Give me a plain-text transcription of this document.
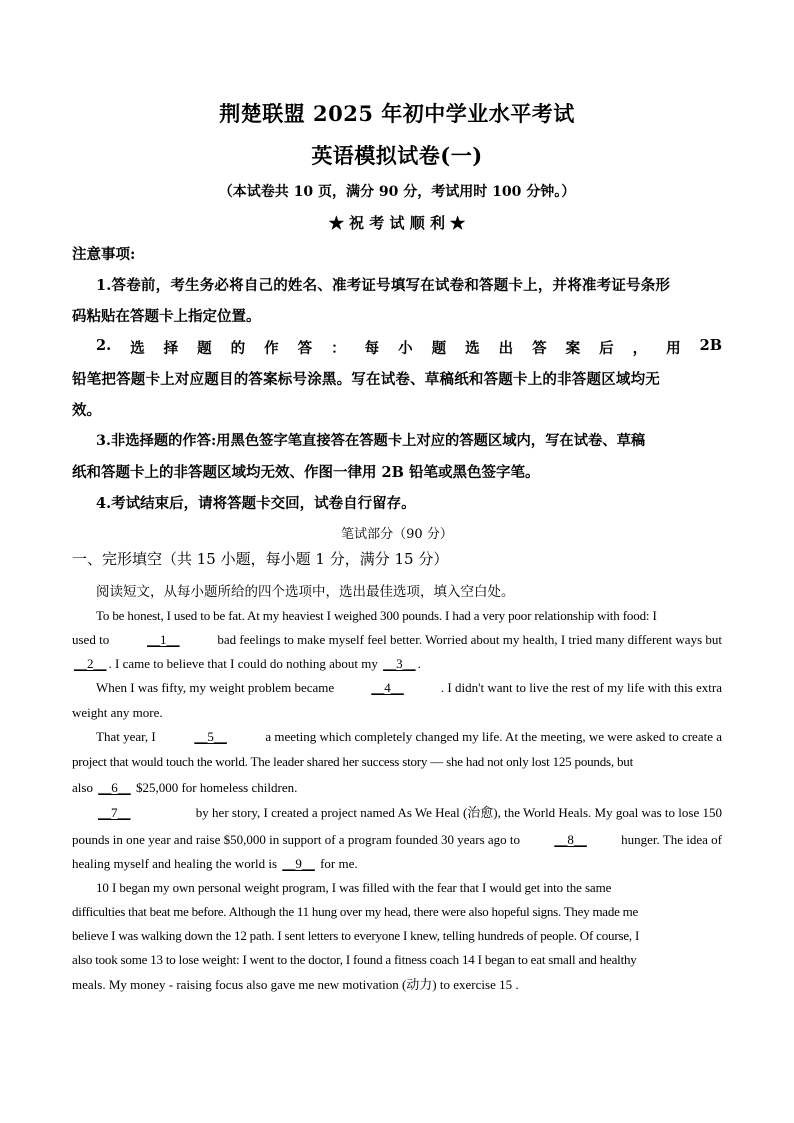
荆楚联盟 2025 年初中学业水平考试
英语模拟试卷(一)
（本试卷共 10 页，满分 90 分，考试用时 100 分钟。）
★ 祝 考 试 顺 利 ★
注意事项:
1.答卷前，考生务必将自己的姓名、准考证号填写在试卷和答题卡上，并将准考证号条形
码粘贴在答题卡上指定位置。
2. 选 择 题 的 作 答 ： 每 小 题 选 出 答 案 后 ， 用 2B
铅笔把答题卡上对应题目的答案标号涂黑。写在试卷、草稿纸和答题卡上的非答题区域均无
效。
3.非选择题的作答:用黑色签字笔直接答在答题卡上对应的答题区域内，写在试卷、草稿
纸和答题卡上的非答题区域均无效、作图一律用 2B 铅笔或黑色签字笔。
4.考试结束后，请将答题卡交回，试卷自行留存。
笔试部分（90 分）
一、完形填空（共 15 小题，每小题 1 分，满分 15 分）
阅读短文，从每小题所给的四个选项中，选出最佳选项，填入空白处。
To be honest, I used to be fat. At my heaviest I weighed 300 pounds. I had a very poor relationship with food: I
used to	__1__	bad feelings to make myself feel better. Worried about my health, I tried many different ways but
__2__ . I came to believe that I could do nothing about my __3__ .
When I was fifty, my weight problem became	__4__	. I didn't want to live the rest of my life with this extra
weight any more.
That year, I	__5__	a meeting which completely changed my life. At the meeting, we were asked to create a
project that would touch the world. The leader shared her success story — she had not only lost 125 pounds, but
also __6__ $25,000 for homeless children.
__7__	by her story, I created a project named As We Heal (治愈), the World Heals. My goal was to lose 150
pounds in one year and raise $50,000 in support of a program founded 30 years ago to	__8__	hunger. The idea of
healing myself and healing the world is __9__ for me.
10 I began my own personal weight program, I was filled with the fear that I would get into the same
difficulties that beat me before. Although the 11 hung over my head, there were also hopeful signs. They made me
believe I was walking down the 12 path. I sent letters to everyone I knew, telling hundreds of people. Of course, I
also took some 13 to lose weight: I went to the doctor, I found a fitness coach 14 I began to eat small and healthy
meals. My money - raising focus also gave me new motivation (动力) to exercise 15 .
